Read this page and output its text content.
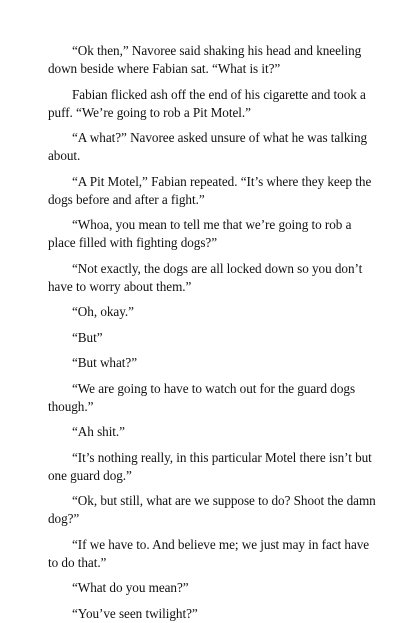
“Ok then,” Navoree said shaking his head and kneeling down beside where Fabian sat. “What is it?”

Fabian flicked ash off the end of his cigarette and took a puff. “We’re going to rob a Pit Motel.”

“A what?” Navoree asked unsure of what he was talking about.

“A Pit Motel,” Fabian repeated. “It’s where they keep the dogs before and after a fight.”

“Whoa, you mean to tell me that we’re going to rob a place filled with fighting dogs?”

“Not exactly, the dogs are all locked down so you don’t have to worry about them.”

“Oh, okay.”

“But”

“But what?”

“We are going to have to watch out for the guard dogs though.”

“Ah shit.”

“It’s nothing really, in this particular Motel there isn’t but one guard dog.”

“Ok, but still, what are we suppose to do? Shoot the damn dog?”

“If we have to. And believe me; we just may in fact have to do that.”

“What do you mean?”

“You’ve seen twilight?”
